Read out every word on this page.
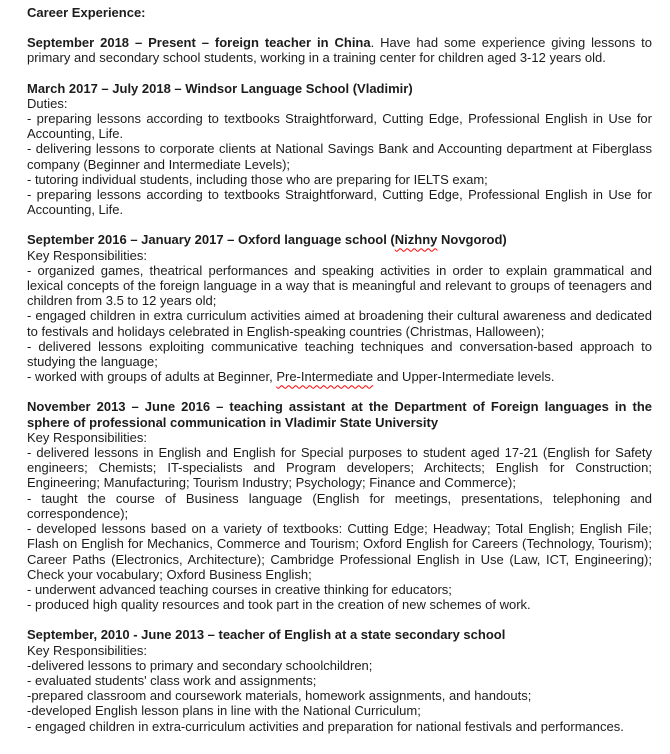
Career Experience:

September 2018 – Present – foreign teacher in China. Have had some experience giving lessons to primary and secondary school students, working in a training center for children aged 3-12 years old.

March 2017 – July 2018 – Windsor Language School (Vladimir)

Duties:

- preparing lessons according to textbooks Straightforward, Cutting Edge, Professional English in Use for Accounting, Life.

- delivering lessons to corporate clients at National Savings Bank and Accounting department at Fiberglass company (Beginner and Intermediate Levels);

- tutoring individual students, including those who are preparing for IELTS exam;

- preparing lessons according to textbooks Straightforward, Cutting Edge, Professional English in Use for Accounting, Life.

September 2016 – January 2017 – Oxford language school (Nizhny Novgorod)

Key Responsibilities:

- organized games, theatrical performances and speaking activities in order to explain grammatical and lexical concepts of the foreign language in a way that is meaningful and relevant to groups of teenagers and children from 3.5 to 12 years old;

- engaged children in extra curriculum activities aimed at broadening their cultural awareness and dedicated to festivals and holidays celebrated in English-speaking countries (Christmas, Halloween);

- delivered lessons exploiting communicative teaching techniques and conversation-based approach to studying the language;

- worked with groups of adults at Beginner, Pre-Intermediate and Upper-Intermediate levels.

November 2013 – June 2016 – teaching assistant at the Department of Foreign languages in the sphere of professional communication in Vladimir State University

Key Responsibilities:

- delivered lessons in English and English for Special purposes to student aged 17-21 (English for Safety engineers; Chemists; IT-specialists and Program developers; Architects; English for Construction; Engineering; Manufacturing; Tourism Industry; Psychology; Finance and Commerce);

- taught the course of Business language (English for meetings, presentations, telephoning and correspondence);

- developed lessons based on a variety of textbooks: Cutting Edge; Headway; Total English; English File; Flash on English for Mechanics, Commerce and Tourism; Oxford English for Careers (Technology, Tourism); Career Paths (Electronics, Architecture); Cambridge Professional English in Use (Law, ICT, Engineering); Check your vocabulary; Oxford Business English;

- underwent advanced teaching courses in creative thinking for educators;

- produced high quality resources and took part in the creation of new schemes of work.

September, 2010 - June 2013 – teacher of English at a state secondary school

Key Responsibilities:

-delivered lessons to primary and secondary schoolchildren;

- evaluated students' class work and assignments;

-prepared classroom and coursework materials, homework assignments, and handouts;

-developed English lesson plans in line with the National Curriculum;

- engaged children in extra-curriculum activities and preparation for national festivals and performances.
